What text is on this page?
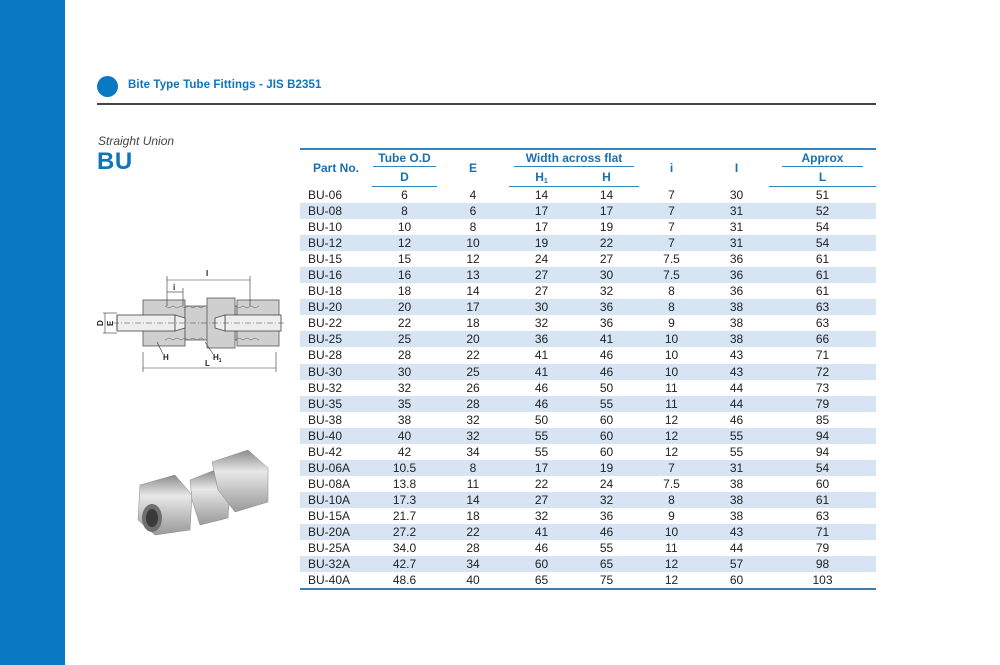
Bite Type Tube Fittings - JIS B2351
Straight Union
BU
I
i
D E
H	$H_1$
L
Part No.	Tube O.D	E	Width across flat		i	I	Approx
	D		$H_1$	H			L
BU-06	6	4	14	14	7	30	51
BU-08	8	6	17	17	7	31	52
BU-10	10	8	17	19	7	31	54
BU-12	12	10	19	22	7	31	54
BU-15	15	12	24	27	7.5	36	61
BU-16	16	13	27	30	7.5	36	61
BU-18	18	14	27	32	8	36	61
BU-20	20	17	30	36	8	38	63
BU-22	22	18	32	36	9	38	63
BU-25	25	20	36	41	10	38	66
BU-28	28	22	41	46	10	43	71
BU-30	30	25	41	46	10	43	72
BU-32	32	26	46	50	11	44	73
BU-35	35	28	46	55	11	44	79
BU-38	38	32	50	60	12	46	85
BU-40	40	32	55	60	12	55	94
BU-42	42	34	55	60	12	55	94
BU-06A	10.5	8	17	19	7	31	54
BU-08A	13.8	11	22	24	7.5	38	60
BU-10A	17.3	14	27	32	8	38	61
BU-15A	21.7	18	32	36	9	38	63
BU-20A	27.2	22	41	46	10	43	71
BU-25A	34.0	28	46	55	11	44	79
BU-32A	42.7	34	60	65	12	57	98
BU-40A	48.6	40	65	75	12	60	103
